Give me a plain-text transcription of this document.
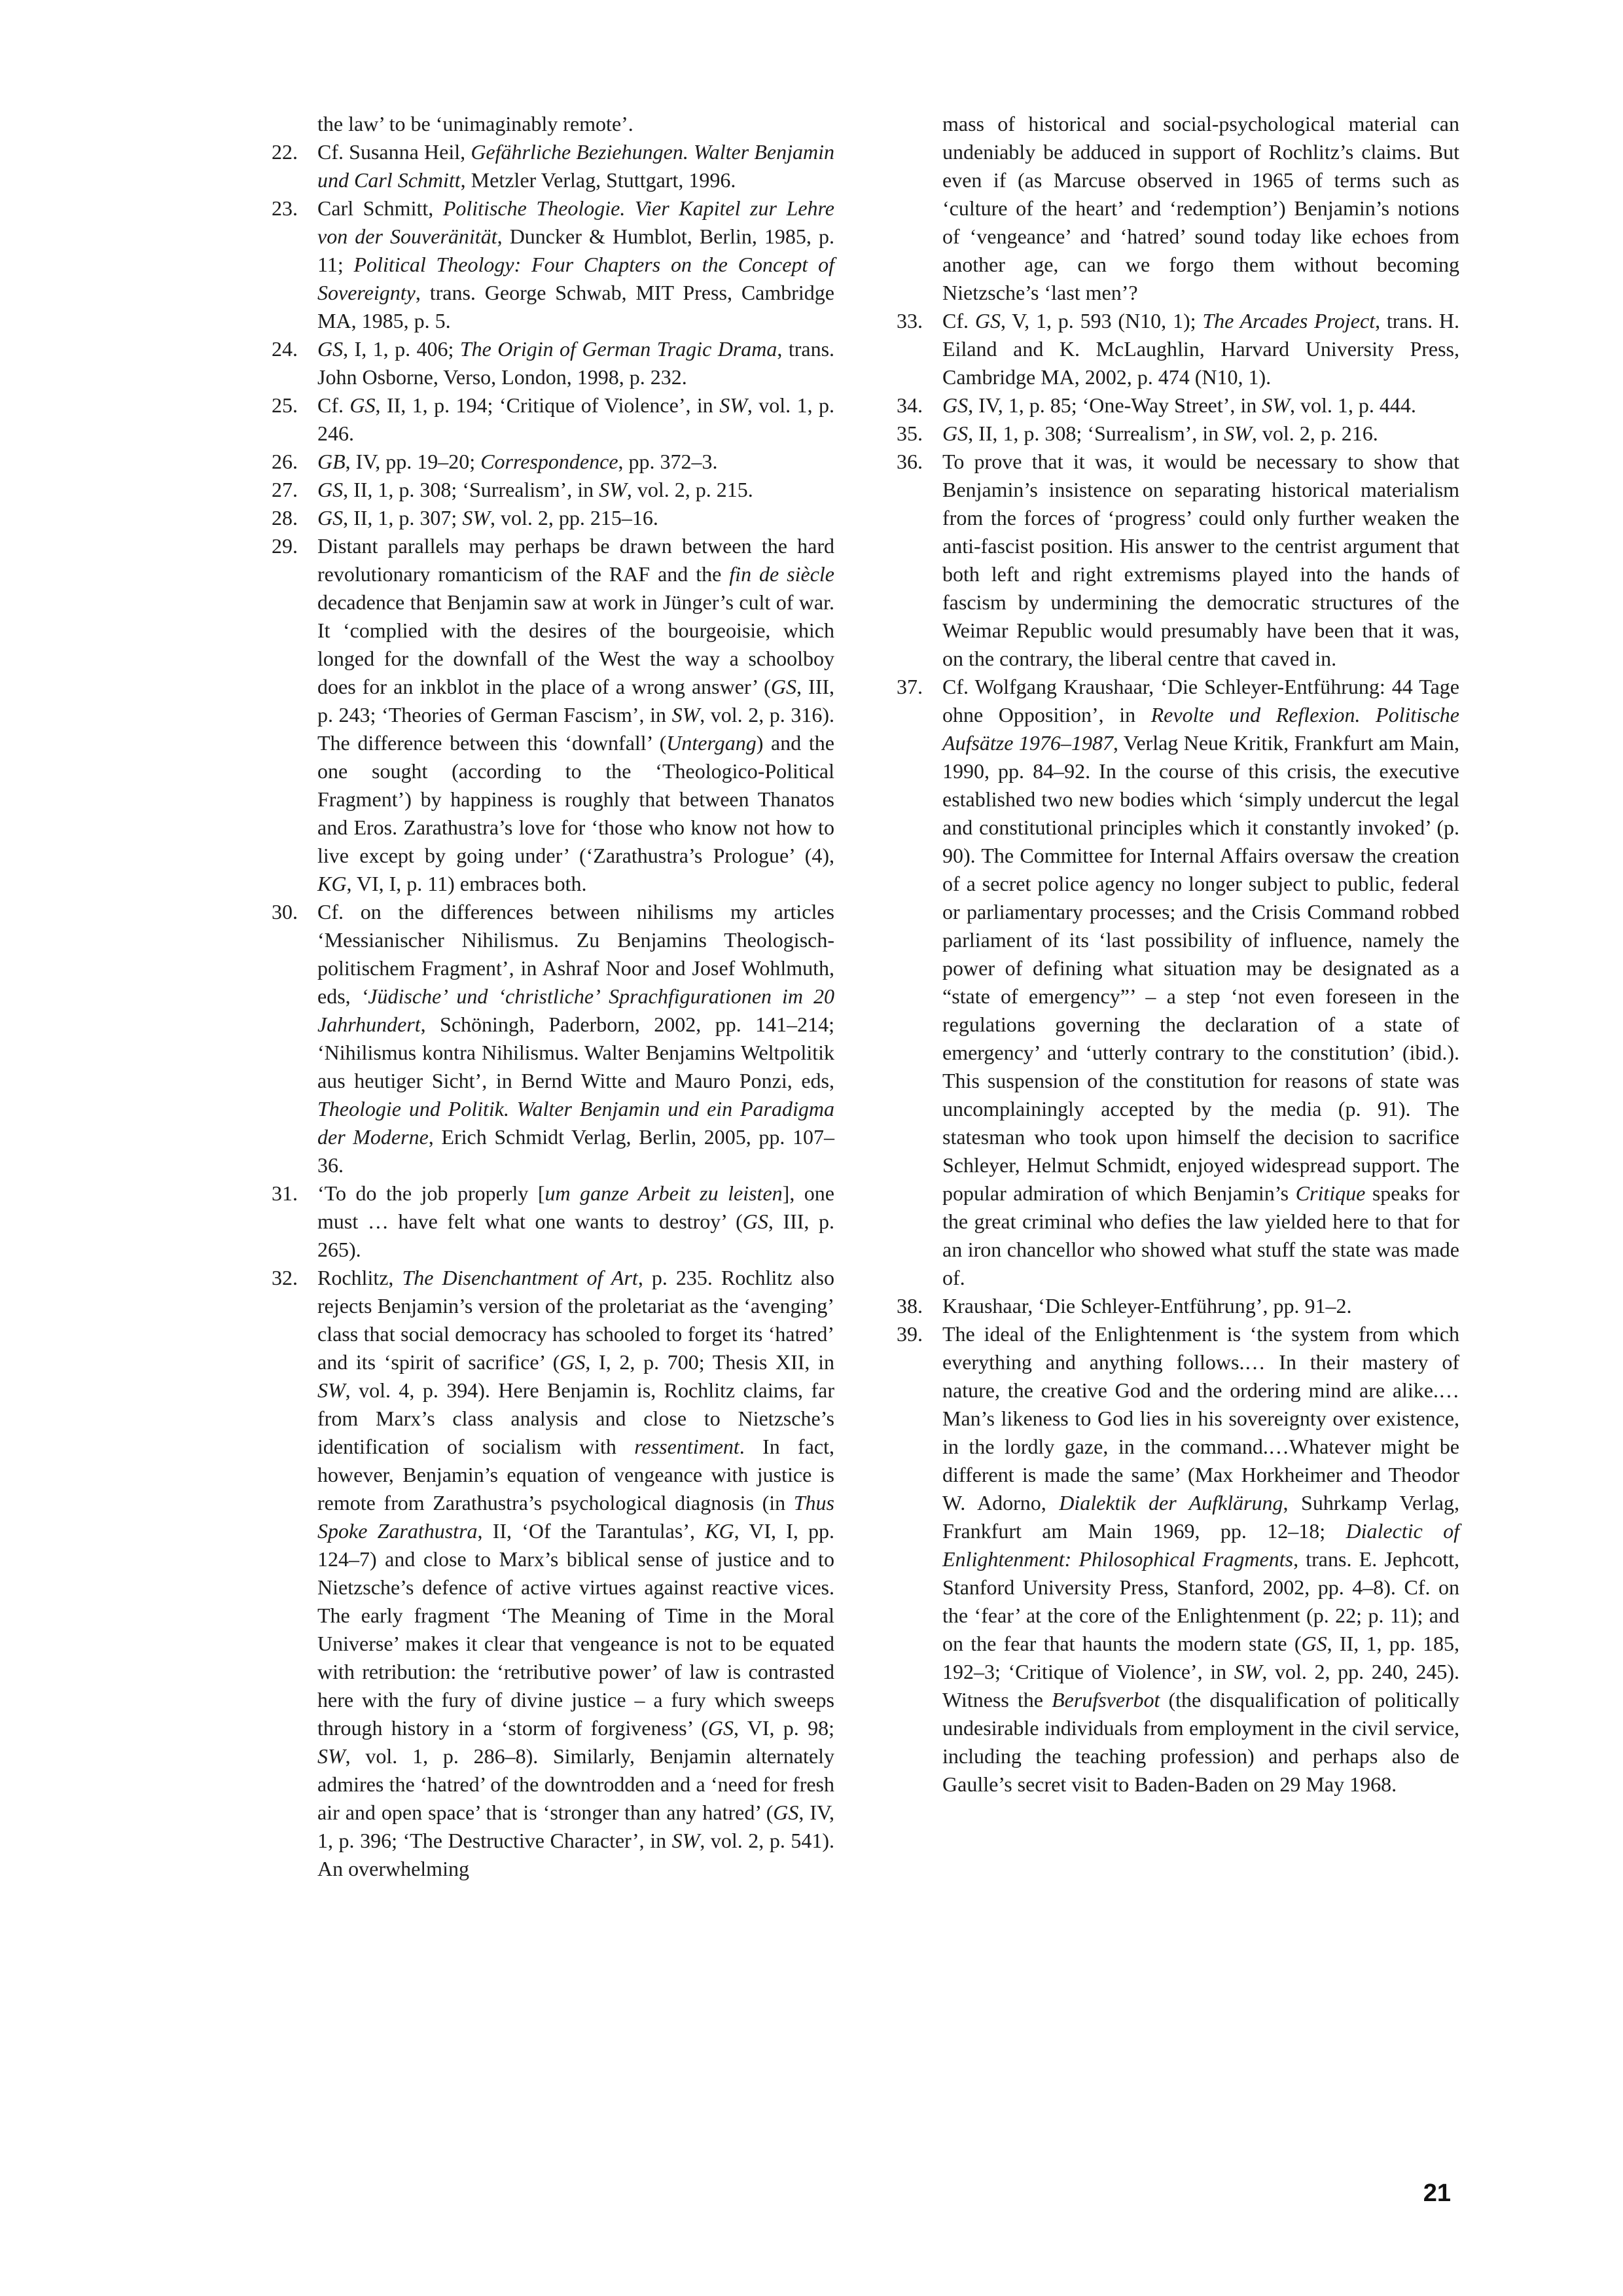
the law’ to be ‘unimaginably remote’.
22. Cf. Susanna Heil, Gefährliche Beziehungen. Walter Benjamin und Carl Schmitt, Metzler Verlag, Stuttgart, 1996.
23. Carl Schmitt, Politische Theologie. Vier Kapitel zur Lehre von der Souveränität, Duncker & Humblot, Berlin, 1985, p. 11; Political Theology: Four Chapters on the Concept of Sovereignty, trans. George Schwab, MIT Press, Cambridge MA, 1985, p. 5.
24. GS, I, 1, p. 406; The Origin of German Tragic Drama, trans. John Osborne, Verso, London, 1998, p. 232.
25. Cf. GS, II, 1, p. 194; ‘Critique of Violence’, in SW, vol. 1, p. 246.
26. GB, IV, pp. 19–20; Correspondence, pp. 372–3.
27. GS, II, 1, p. 308; ‘Surrealism’, in SW, vol. 2, p. 215.
28. GS, II, 1, p. 307; SW, vol. 2, pp. 215–16.
29. Distant parallels may perhaps be drawn between the hard revolutionary romanticism of the RAF and the fin de siècle decadence that Benjamin saw at work in Jünger’s cult of war. It ‘complied with the desires of the bourgeoisie, which longed for the downfall of the West the way a schoolboy does for an inkblot in the place of a wrong answer’ (GS, III, p. 243; ‘Theories of German Fascism’, in SW, vol. 2, p. 316). The difference between this ‘downfall’ (Untergang) and the one sought (according to the ‘Theologico-Political Fragment’) by happiness is roughly that between Thanatos and Eros. Zarathustra’s love for ‘those who know not how to live except by going under’ (‘Zarathustra’s Prologue’ (4), KG, VI, I, p. 11) embraces both.
30. Cf. on the differences between nihilisms my articles ‘Messianischer Nihilismus. Zu Benjamins Theologisch-politischem Fragment’, in Ashraf Noor and Josef Wohlmuth, eds, ‘Jüdische’ und ‘christliche’ Sprachfigurationen im 20 Jahrhundert, Schöningh, Paderborn, 2002, pp. 141–214; ‘Nihilismus kontra Nihilismus. Walter Benjamins Weltpolitik aus heutiger Sicht’, in Bernd Witte and Mauro Ponzi, eds, Theologie und Politik. Walter Benjamin und ein Paradigma der Moderne, Erich Schmidt Verlag, Berlin, 2005, pp. 107–36.
31. ‘To do the job properly [um ganze Arbeit zu leisten], one must … have felt what one wants to destroy’ (GS, III, p. 265).
32. Rochlitz, The Disenchantment of Art, p. 235. Rochlitz also rejects Benjamin’s version of the proletariat as the ‘avenging’ class that social democracy has schooled to forget its ‘hatred’ and its ‘spirit of sacrifice’ (GS, I, 2, p. 700; Thesis XII, in SW, vol. 4, p. 394). Here Benjamin is, Rochlitz claims, far from Marx’s class analysis and close to Nietzsche’s identification of socialism with ressentiment. In fact, however, Benjamin’s equation of vengeance with justice is remote from Zarathustra’s psychological diagnosis (in Thus Spoke Zarathustra, II, ‘Of the Tarantulas’, KG, VI, I, pp. 124–7) and close to Marx’s biblical sense of justice and to Nietzsche’s defence of active virtues against reactive vices. The early fragment ‘The Meaning of Time in the Moral Universe’ makes it clear that vengeance is not to be equated with retribution: the ‘retributive power’ of law is contrasted here with the fury of divine justice – a fury which sweeps through history in a ‘storm of forgiveness’ (GS, VI, p. 98; SW, vol. 1, p. 286–8). Similarly, Benjamin alternately admires the ‘hatred’ of the downtrodden and a ‘need for fresh air and open space’ that is ‘stronger than any hatred’ (GS, IV, 1, p. 396; ‘The Destructive Character’, in SW, vol. 2, p. 541). An overwhelming
mass of historical and social-psychological material can undeniably be adduced in support of Rochlitz’s claims. But even if (as Marcuse observed in 1965 of terms such as ‘culture of the heart’ and ‘redemption’) Benjamin’s notions of ‘vengeance’ and ‘hatred’ sound today like echoes from another age, can we forgo them without becoming Nietzsche’s ‘last men’?
33. Cf. GS, V, 1, p. 593 (N10, 1); The Arcades Project, trans. H. Eiland and K. McLaughlin, Harvard University Press, Cambridge MA, 2002, p. 474 (N10, 1).
34. GS, IV, 1, p. 85; ‘One-Way Street’, in SW, vol. 1, p. 444.
35. GS, II, 1, p. 308; ‘Surrealism’, in SW, vol. 2, p. 216.
36. To prove that it was, it would be necessary to show that Benjamin’s insistence on separating historical materialism from the forces of ‘progress’ could only further weaken the anti-fascist position. His answer to the centrist argument that both left and right extremisms played into the hands of fascism by undermining the democratic structures of the Weimar Republic would presumably have been that it was, on the contrary, the liberal centre that caved in.
37. Cf. Wolfgang Kraushaar, ‘Die Schleyer-Entführung: 44 Tage ohne Opposition’, in Revolte und Reflexion. Politische Aufsätze 1976–1987, Verlag Neue Kritik, Frankfurt am Main, 1990, pp. 84–92. In the course of this crisis, the executive established two new bodies which ‘simply undercut the legal and constitutional principles which it constantly invoked’ (p. 90). The Committee for Internal Affairs oversaw the creation of a secret police agency no longer subject to public, federal or parliamentary processes; and the Crisis Command robbed parliament of its ‘last possibility of influence, namely the power of defining what situation may be designated as a “state of emergency”’ – a step ‘not even foreseen in the regulations governing the declaration of a state of emergency’ and ‘utterly contrary to the constitution’ (ibid.). This suspension of the constitution for reasons of state was uncomplainingly accepted by the media (p. 91). The statesman who took upon himself the decision to sacrifice Schleyer, Helmut Schmidt, enjoyed widespread support. The popular admiration of which Benjamin’s Critique speaks for the great criminal who defies the law yielded here to that for an iron chancellor who showed what stuff the state was made of.
38. Kraushaar, ‘Die Schleyer-Entführung’, pp. 91–2.
39. The ideal of the Enlightenment is ‘the system from which everything and anything follows.… In their mastery of nature, the creative God and the ordering mind are alike.… Man’s likeness to God lies in his sovereignty over existence, in the lordly gaze, in the command.…Whatever might be different is made the same’ (Max Horkheimer and Theodor W. Adorno, Dialektik der Aufklärung, Suhrkamp Verlag, Frankfurt am Main 1969, pp. 12–18; Dialectic of Enlightenment: Philosophical Fragments, trans. E. Jephcott, Stanford University Press, Stanford, 2002, pp. 4–8). Cf. on the ‘fear’ at the core of the Enlightenment (p. 22; p. 11); and on the fear that haunts the modern state (GS, II, 1, pp. 185, 192–3; ‘Critique of Violence’, in SW, vol. 2, pp. 240, 245). Witness the Berufsverbot (the disqualification of politically undesirable individuals from employment in the civil service, including the teaching profession) and perhaps also de Gaulle’s secret visit to Baden-Baden on 29 May 1968.
21
